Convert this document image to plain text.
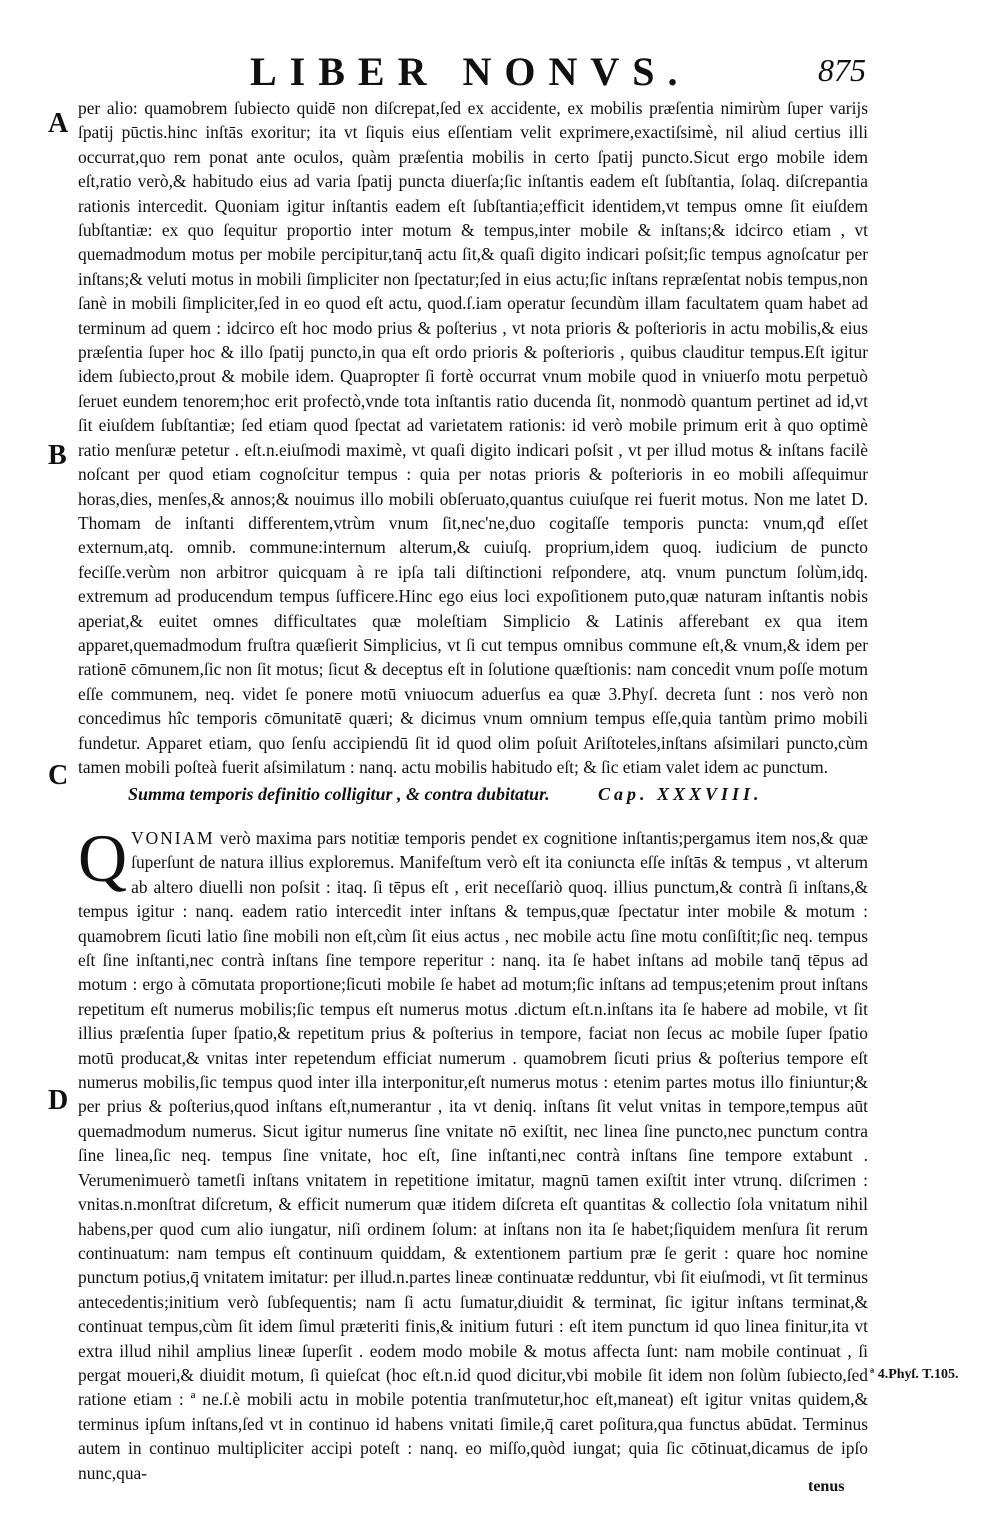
LIBER NONVS.	875
A
B
C
D

per alio: quamobrem ſubiecto quidē non diſcrepat,ſed ex accidente, ex mobilis præſentia nimirùm ſuper varijs ſpatij pūctis.hinc inſtās exoritur; ita vt ſiquis eius eſſentiam velit exprimere,exactiſsimè, nil aliud certius illi occurrat,quo rem ponat ante oculos, quàm præſentia mobilis in certo ſpatij puncto.Sicut ergo mobile idem eſt,ratio verò,& habitudo eius ad varia ſpatij puncta diuerſa;ſic inſtantis eadem eſt ſubſtantia, ſolaq. diſcrepantia rationis intercedit. Quoniam igitur inſtantis eadem eſt ſubſtantia;efficit identidem,vt tempus omne ſit eiuſdem ſubſtantiæ: ex quo ſequitur proportio inter motum & tempus,inter mobile & inſtans;& idcirco etiam , vt quemadmodum motus per mobile percipitur,tanq̄ actu ſit,& quaſi digito indicari poſsit;ſic tempus agnoſcatur per inſtans;& veluti motus in mobili ſimpliciter non ſpectatur;ſed in eius actu;ſic inſtans repræſentat nobis tempus,non ſanè in mobili ſimpliciter,ſed in eo quod eſt actu, quod.ſ.iam operatur ſecundùm illam facultatem quam habet ad terminum ad quem : idcirco eſt hoc modo prius & poſterius , vt nota prioris & poſterioris in actu mobilis,& eius præſentia ſuper hoc & illo ſpatij puncto,in qua eſt ordo prioris & poſterioris , quibus clauditur tempus.Eſt igitur idem ſubiecto,prout & mobile idem. Quapropter ſi fortè occurrat vnum mobile quod in vniuerſo motu perpetuò ſeruet eundem tenorem;hoc erit profectò,vnde tota inſtantis ratio ducenda ſit, nonmodò quantum pertinet ad id,vt ſit eiuſdem ſubſtantiæ; ſed etiam quod ſpectat ad varietatem rationis: id verò mobile primum erit à quo optimè ratio menſuræ petetur . eſt.n.eiuſmodi maximè, vt quaſi digito indicari poſsit , vt per illud motus & inſtans facilè noſcant per quod etiam cognoſcitur tempus : quia per notas prioris & poſterioris in eo mobili aſſequimur horas,dies, menſes,& annos;& nouimus illo mobili obſeruato,quantus cuiuſque rei fuerit motus. Non me latet D. Thomam de inſtanti differentem,vtrùm vnum ſit,nec'ne,duo cogitaſſe temporis puncta: vnum,qđ eſſet externum,atq. omnib. commune:internum alterum,& cuiuſq. proprium,idem quoq. iudicium de puncto feciſſe.verùm non arbitror quicquam à re ipſa tali diſtinctioni reſpondere, atq. vnum punctum ſolùm,idq. extremum ad producendum tempus ſufficere.Hinc ego eius loci expoſitionem puto,quæ naturam inſtantis nobis aperiat,& euitet omnes difficultates quæ moleſtiam Simplicio & Latinis afferebant ex qua item apparet,quemadmodum fruſtra quæſierit Simplicius, vt ſi cut tempus omnibus commune eſt,& vnum,& idem per rationē cōmunem,ſic non ſit motus; ſicut & deceptus eſt in ſolutione quæſtionis: nam concedit vnum poſſe motum eſſe communem, neq. videt ſe ponere motū vniuocum aduerſus ea quæ 3.Phyſ. decreta ſunt : nos verò non concedimus hîc temporis cōmunitatē quæri; & dicimus vnum omnium tempus eſſe,quia tantùm primo mobili fundetur. Apparet etiam, quo ſenſu accipiendū ſit id quod olim poſuit Ariſtoteles,inſtans aſsimilari puncto,cùm tamen mobili poſteà fuerit aſsimilatum : nanq. actu mobilis habitudo eſt; & ſic etiam valet idem ac punctum.

Summa temporis definitio colligitur , & contra dubitatur.	Cap. XXXVIII.

QVONIAM verò maxima pars notitiæ temporis pendet ex cognitione inſtantis;pergamus item nos,& quæ ſuperſunt de natura illius exploremus. Manifeſtum verò eſt ita coniuncta eſſe inſtās & tempus , vt alterum ab altero diuelli non poſsit : itaq. ſi tēpus eſt , erit neceſſariò quoq. illius punctum,& contrà ſi inſtans,& tempus igitur : nanq. eadem ratio intercedit inter inſtans & tempus,quæ ſpectatur inter mobile & motum : quamobrem ſicuti latio ſine mobili non eſt,cùm ſit eius actus , nec mobile actu ſine motu conſiſtit;ſic neq. tempus eſt ſine inſtanti,nec contrà inſtans ſine tempore reperitur : nanq. ita ſe habet inſtans ad mobile tanq̄ tēpus ad motum : ergo à cōmutata proportione;ſicuti mobile ſe habet ad motum;ſic inſtans ad tempus;etenim prout inſtans repetitum eſt numerus mobilis;ſic tempus eſt numerus motus .dictum eſt.n.inſtans ita ſe habere ad mobile, vt ſit illius præſentia ſuper ſpatio,& repetitum prius & poſterius in tempore, faciat non ſecus ac mobile ſuper ſpatio motū producat,& vnitas inter repetendum efficiat numerum . quamobrem ſicuti prius & poſterius tempore eſt numerus mobilis,ſic tempus quod inter illa interponitur,eſt numerus motus : etenim partes motus illo finiuntur;& per prius & poſterius,quod inſtans eſt,numerantur , ita vt deniq. inſtans ſit velut vnitas in tempore,tempus aūt quemadmodum numerus. Sicut igitur numerus ſine vnitate nō exiſtit, nec linea ſine puncto,nec punctum contra ſine linea,ſic neq. tempus ſine vnitate, hoc eſt, ſine inſtanti,nec contrà inſtans ſine tempore extabunt . Verumenimuerò tametſi inſtans vnitatem in repetitione imitatur, magnū tamen exiſtit inter vtrunq. diſcrimen : vnitas.n.monſtrat diſcretum, & efficit numerum quæ itidem diſcreta eſt quantitas & collectio ſola vnitatum nihil habens,per quod cum alio iungatur, niſi ordinem ſolum: at inſtans non ita ſe habet;ſiquidem menſura ſit rerum continuatum: nam tempus eſt continuum quiddam, & extentionem partium præ ſe gerit : quare hoc nomine punctum potius,q̄ vnitatem imitatur: per illud.n.partes lineæ continuatæ redduntur, vbi ſit eiuſmodi, vt ſit terminus antecedentis;initium verò ſubſequentis; nam ſi actu ſumatur,diuidit & terminat, ſic igitur inſtans terminat,& continuat tempus,cùm ſit idem ſimul præteriti finis,& initium futuri : eſt item punctum id quo linea finitur,ita vt extra illud nihil amplius lineæ ſuperſit . eodem modo mobile & motus affecta ſunt: nam mobile continuat , ſi pergat moueri,& diuidit motum, ſi quieſcat (hoc eſt.n.id quod dicitur,vbi mobile ſit idem non ſolùm ſubiecto,ſed ratione etiam : ª ne.ſ.è mobili actu in mobile potentia tranſmutetur,hoc eſt,maneat) eſt igitur vnitas quidem,& terminus ipſum inſtans,ſed vt in continuo id habens vnitati ſimile,q̄ caret poſitura,qua functus abūdat. Terminus autem in continuo multipliciter accipi poteſt : nanq. eo miſſo,quòd iungat; quia ſic cōtinuat,dicamus de ipſo nunc,qua-

ª 4.Phyſ. T.105.
tenus
